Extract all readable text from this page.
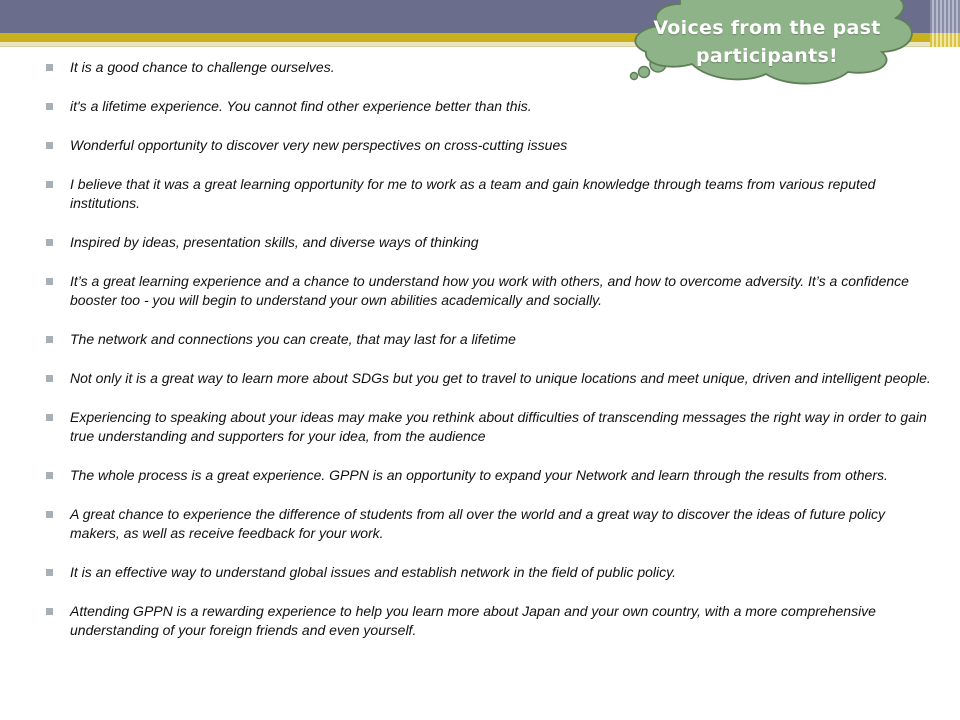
Voices from the past participants!
It is a good chance to challenge ourselves.
it's a lifetime experience. You cannot find other experience better than this.
Wonderful opportunity to discover very new perspectives on cross-cutting issues
I believe that it was a great learning opportunity for me to work as a team and gain knowledge through teams from various reputed institutions.
Inspired by ideas, presentation skills, and diverse ways of thinking
It’s a great learning experience and a chance to understand how you work with others, and how to overcome adversity. It’s a confidence booster too - you will begin to understand your own abilities academically and socially.
The network and connections you can create, that may last for a lifetime
Not only it is a great way to learn more about SDGs but you get to travel to unique locations and meet unique, driven and intelligent people.
Experiencing to speaking about your ideas may make you rethink about difficulties of transcending messages the right way in order to gain true understanding and supporters for your idea, from the audience
The whole process is a great experience. GPPN is an opportunity to expand your Network and learn through the results from others.
A great chance to experience the difference of students from all over the world and a great way to discover the ideas of future policy makers, as well as receive feedback for your work.
It is an effective way to understand global issues and establish network in the field of public policy.
Attending GPPN is a rewarding experience to help you learn more about Japan and your own country, with a more comprehensive understanding of your foreign friends and even yourself.
